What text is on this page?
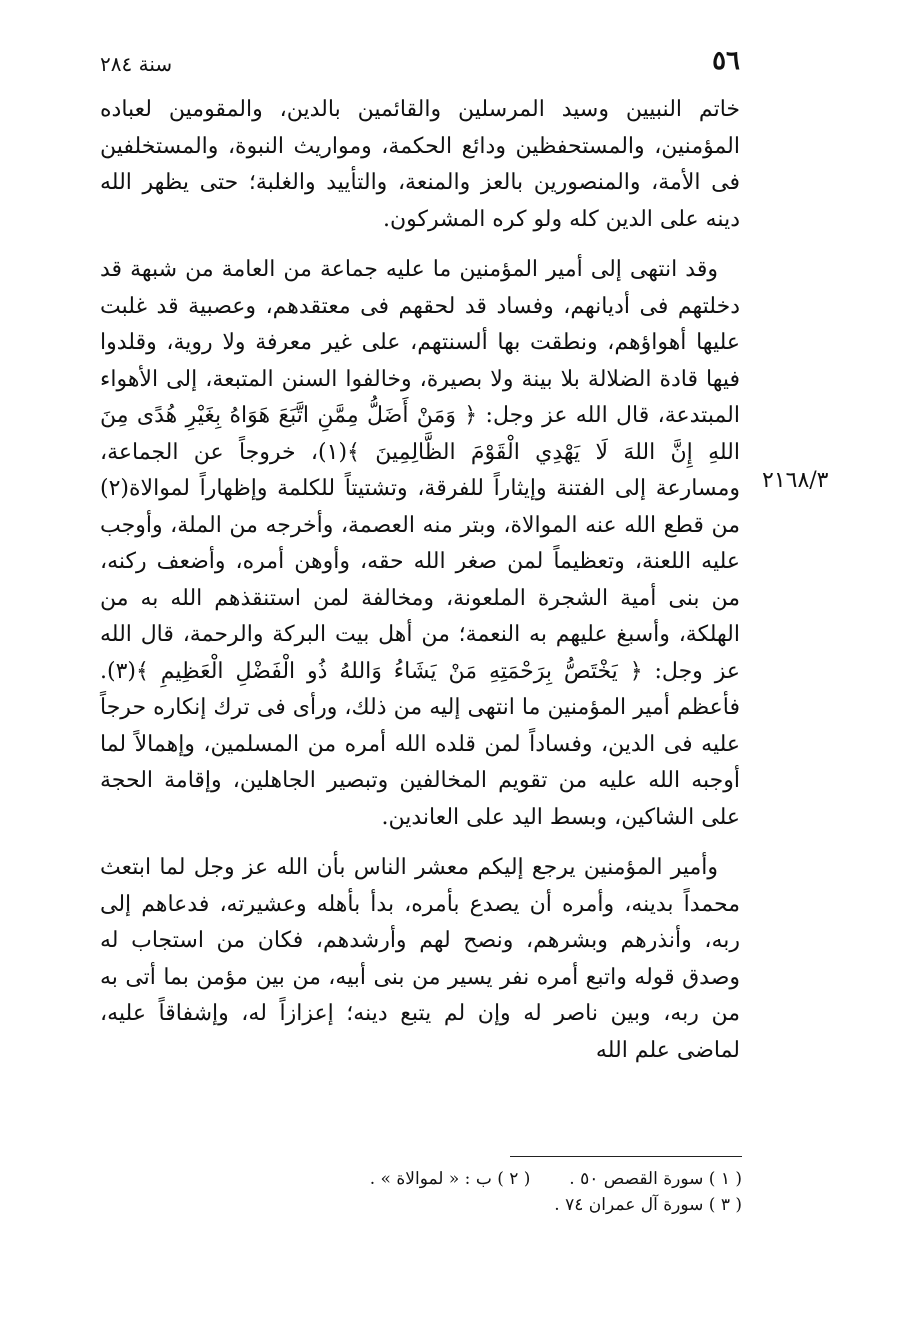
٥٦
سنة ٢٨٤
٢١٦٨/٣

خاتم النبيين وسيد المرسلين والقائمين بالدين، والمقومين لعباده المؤمنين، والمستحفظين ودائع الحكمة، ومواريث النبوة، والمستخلفين فى الأمة، والمنصورين بالعز والمنعة، والتأييد والغلبة؛ حتى يظهر الله دينه على الدين كله ولو كره المشركون.

وقد انتهى إلى أمير المؤمنين ما عليه جماعة من العامة من شبهة قد دخلتهم فى أديانهم، وفساد قد لحقهم فى معتقدهم، وعصبية قد غلبت عليها أهواؤهم، ونطقت بها ألسنتهم، على غير معرفة ولا روية، وقلدوا فيها قادة الضلالة بلا بينة ولا بصيرة، وخالفوا السنن المتبعة، إلى الأهواء المبتدعة، قال الله عز وجل: ﴿ وَمَنْ أَضَلُّ مِمَّنِ اتَّبَعَ هَوَاهُ بِغَيْرِ هُدًى مِنَ اللهِ إِنَّ اللهَ لَا يَهْدِي الْقَوْمَ الظَّالِمِينَ ﴾(١)، خروجاً عن الجماعة، ومسارعة إلى الفتنة وإيثاراً للفرقة، وتشتيتاً للكلمة وإظهاراً لموالاة(٢) من قطع الله عنه الموالاة، وبتر منه العصمة، وأخرجه من الملة، وأوجب عليه اللعنة، وتعظيماً لمن صغر الله حقه، وأوهن أمره، وأضعف ركنه، من بنى أمية الشجرة الملعونة، ومخالفة لمن استنقذهم الله به من الهلكة، وأسبغ عليهم به النعمة؛ من أهل بيت البركة والرحمة، قال الله عز وجل: ﴿ يَخْتَصُّ بِرَحْمَتِهِ مَنْ يَشَاءُ وَاللهُ ذُو الْفَضْلِ الْعَظِيمِ ﴾(٣). فأعظم أمير المؤمنين ما انتهى إليه من ذلك، ورأى فى ترك إنكاره حرجاً عليه فى الدين، وفساداً لمن قلده الله أمره من المسلمين، وإهمالاً لما أوجبه الله عليه من تقويم المخالفين وتبصير الجاهلين، وإقامة الحجة على الشاكين، وبسط اليد على العاندين.

وأمير المؤمنين يرجع إليكم معشر الناس بأن الله عز وجل لما ابتعث محمداً بدينه، وأمره أن يصدع بأمره، بدأ بأهله وعشيرته، فدعاهم إلى ربه، وأنذرهم وبشرهم، ونصح لهم وأرشدهم، فكان من استجاب له وصدق قوله واتبع أمره نفر يسير من بنى أبيه، من بين مؤمن بما أتى به من ربه، وبين ناصر له وإن لم يتبع دينه؛ إعزازاً له، وإشفاقاً عليه، لماضى علم الله

( ١ ) سورة القصص ٥٠ .  ( ٢ ) ب : « لموالاة » .
( ٣ ) سورة آل عمران ٧٤ .
